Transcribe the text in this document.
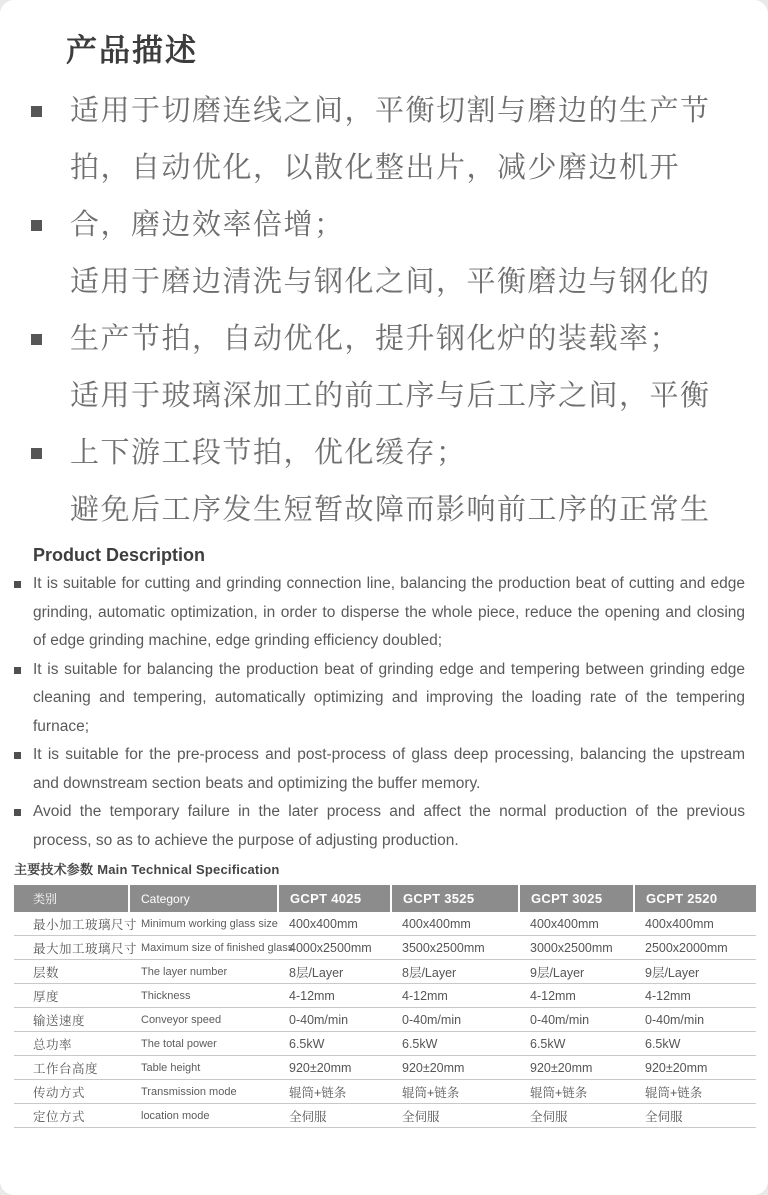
产品描述
适用于切磨连线之间，平衡切割与磨边的生产节
拍，自动优化，以散化整出片，减少磨边机开
合，磨边效率倍增；
适用于磨边清洗与钢化之间，平衡磨边与钢化的
生产节拍，自动优化，提升钢化炉的装载率；
适用于玻璃深加工的前工序与后工序之间，平衡
上下游工段节拍，优化缓存；
避免后工序发生短暂故障而影响前工序的正常生
Product Description
It is suitable for cutting and grinding connection line, balancing the production beat of cutting and edge grinding, automatic optimization, in order to disperse the whole piece, reduce the opening and closing of edge grinding machine, edge grinding efficiency doubled;
It is suitable for balancing the production beat of grinding edge and tempering between grinding edge cleaning and tempering, automatically optimizing and improving the loading rate of the tempering furnace;
It is suitable for the pre-process and post-process of glass deep processing, balancing the upstream and downstream section beats and optimizing the buffer memory.
Avoid the temporary failure in the later process and affect the normal production of the previous process, so as to achieve the purpose of adjusting production.
主要技术参数 Main Technical Specification
类别	Category	GCPT 4025	GCPT 3525	GCPT 3025	GCPT 2520
最小加工玻璃尺寸	Minimum working glass size	400x400mm	400x400mm	400x400mm	400x400mm
最大加工玻璃尺寸	Maximum size of finished glass	4000x2500mm	3500x2500mm	3000x2500mm	2500x2000mm
层数	The layer number	8层/Layer	8层/Layer	9层/Layer	9层/Layer
厚度	Thickness	4-12mm	4-12mm	4-12mm	4-12mm
输送速度	Conveyor speed	0-40m/min	0-40m/min	0-40m/min	0-40m/min
总功率	The total power	6.5kW	6.5kW	6.5kW	6.5kW
工作台高度	Table height	920±20mm	920±20mm	920±20mm	920±20mm
传动方式	Transmission mode	辊筒+链条	辊筒+链条	辊筒+链条	辊筒+链条
定位方式	location mode	全伺服	全伺服	全伺服	全伺服
